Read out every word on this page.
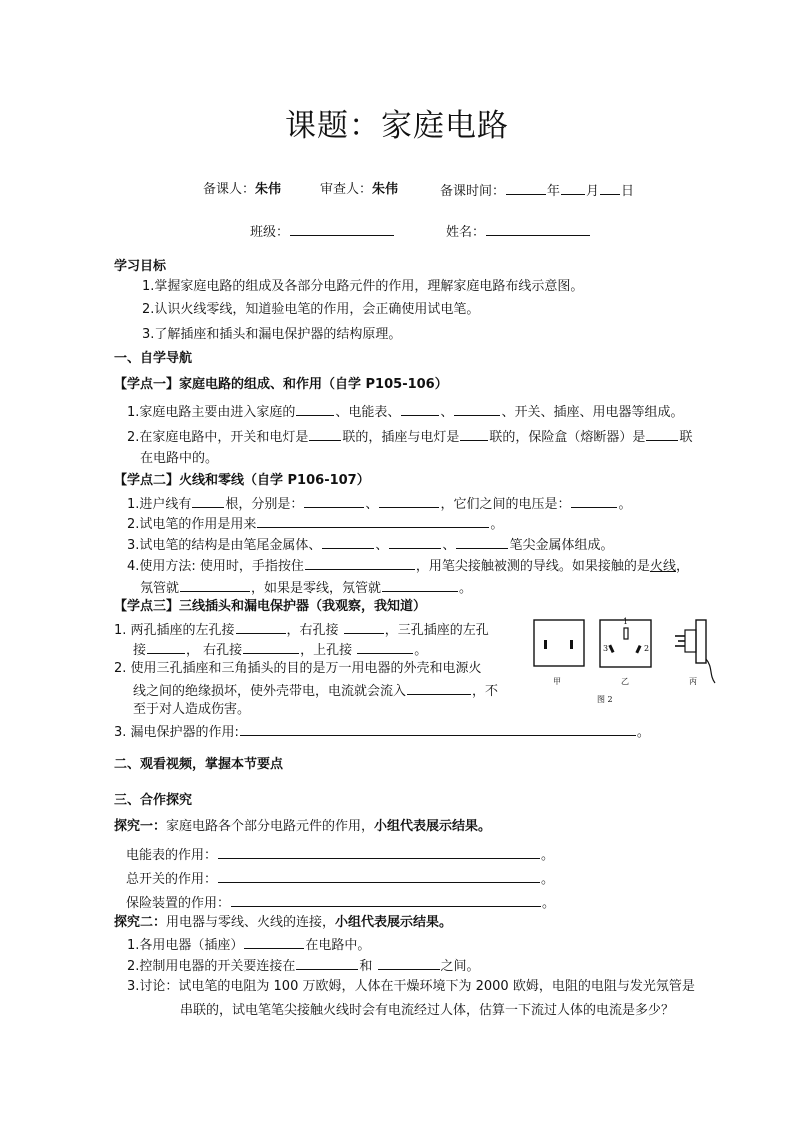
课题：家庭电路
备课人：朱伟	审查人：朱伟	备课时间：	年 月 日
班级：	姓名：
学习目标
1.掌握家庭电路的组成及各部分电路元件的作用，理解家庭电路布线示意图。
2.认识火线零线，知道验电笔的作用，会正确使用试电笔。
3.了解插座和插头和漏电保护器的结构原理。
一、自学导航
【学点一】家庭电路的组成、和作用（自学 P105-106）
1.家庭电路主要由进入家庭的	、电能表、	、	、开关、插座、用电器等组成。
2.在家庭电路中，开关和电灯是	联的，插座与电灯是 联的，保险盒（熔断器）是	联
在电路中的。
【学点二】火线和零线（自学 P106-107）
1.进户线有	根，分别是：	、	，它们之间的电压是：	。
2.试电笔的作用是用来	。
3.试电笔的结构是由笔尾金属体、	、	、	笔尖金属体组成。
4.使用方法: 使用时，手指按住	，用笔尖接触被测的导线。如果接触的是火线，
氖管就	，如果是零线，氖管就	。
【学点三】三线插头和漏电保护器（我观察，我知道）
1. 两孔插座的左孔接	，右孔接	，三孔插座的左孔
接	， 右孔接	，上孔接	。
2. 使用三孔插座和三角插头的目的是万一用电器的外壳和电源火
线之间的绝缘损坏，使外壳带电，电流就会流入	，不
至于对人造成伤害。
3. 漏电保护器的作用:	。
1
3	2
甲	乙	丙
图 2
二、观看视频，掌握本节要点
三、合作探究
探究一：家庭电路各个部分电路元件的作用，小组代表展示结果。
电能表的作用：	。
总开关的作用：	。
保险装置的作用：	。
探究二：用电器与零线、火线的连接，小组代表展示结果。
1.各用电器（插座）	在电路中。
2.控制用电器的开关要连接在	和	之间。
3.讨论：试电笔的电阻为 100 万欧姆，人体在干燥环境下为 2000 欧姆，电阻的电阻与发光氖管是
串联的，试电笔笔尖接触火线时会有电流经过人体，估算一下流过人体的电流是多少？
